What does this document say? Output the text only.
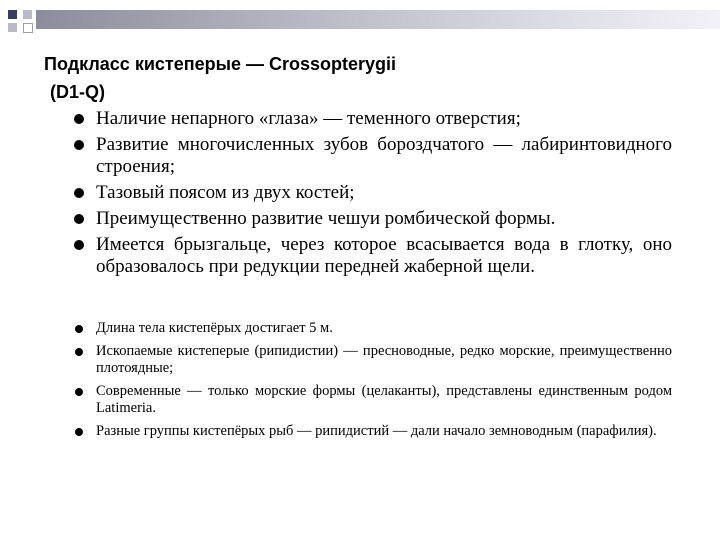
Подкласс кистеперые — Crossopterygii
(D1-Q)
Наличие непарного «глаза» — теменного отверстия;
Развитие многочисленных зубов бороздчатого — лабиринтовидного строения;
Тазовый поясом из двух костей;
Преимущественно развитие чешуи ромбической формы.
Имеется брызгальце, через которое всасывается вода в глотку, оно образовалось при редукции передней жаберной щели.
Длина тела кистепёрых достигает 5 м.
Ископаемые кистеперые (рипидистии) — пресноводные, редко морские, преимущественно плотоядные;
Современные — только морские формы (целаканты), представлены единственным родом Latimeria.
Разные группы кистепёрых рыб — рипидистий — дали начало земноводным (парафилия).
